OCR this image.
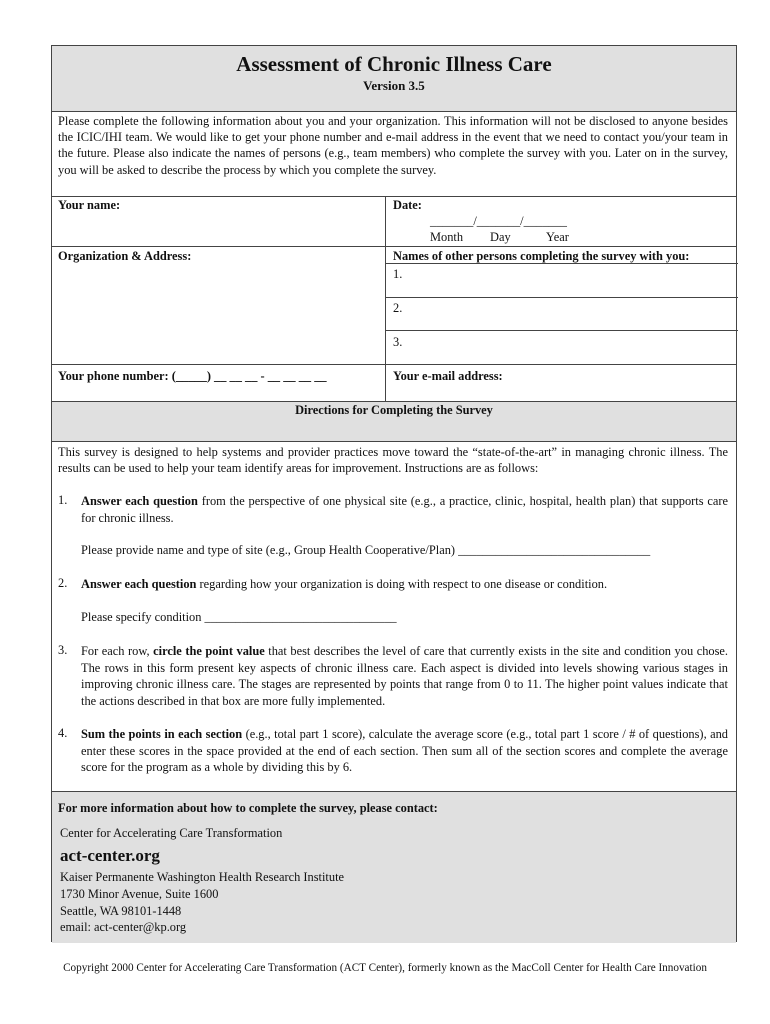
Assessment of Chronic Illness Care
Version 3.5
Please complete the following information about you and your organization. This information will not be disclosed to anyone besides the ICIC/IHI team. We would like to get your phone number and e-mail address in the event that we need to contact you/your team in the future. Please also indicate the names of persons (e.g., team members) who complete the survey with you. Later on in the survey, you will be asked to describe the process by which you complete the survey.
Your name:	Date:
_______/_______/_______
Month Day	Year
Organization & Address:	Names of other persons completing the survey with you:
1.
2.
3.
Your phone number: (_____) __ __ __ - __ __ __ __	Your e-mail address:
Directions for Completing the Survey
This survey is designed to help systems and provider practices move toward the “state-of-the-art” in managing chronic illness. The results can be used to help your team identify areas for improvement. Instructions are as follows:
1. Answer each question from the perspective of one physical site (e.g., a practice, clinic, hospital, health plan) that supports care for chronic illness.
Please provide name and type of site (e.g., Group Health Cooperative/Plan) _______________________________
2. Answer each question regarding how your organization is doing with respect to one disease or condition.
Please specify condition _______________________________
3. For each row, circle the point value that best describes the level of care that currently exists in the site and condition you chose. The rows in this form present key aspects of chronic illness care. Each aspect is divided into levels showing various stages in improving chronic illness care. The stages are represented by points that range from 0 to 11. The higher point values indicate that the actions described in that box are more fully implemented.
4. Sum the points in each section (e.g., total part 1 score), calculate the average score (e.g., total part 1 score / # of questions), and enter these scores in the space provided at the end of each section. Then sum all of the section scores and complete the average score for the program as a whole by dividing this by 6.
For more information about how to complete the survey, please contact:
Center for Accelerating Care Transformation
act-center.org
Kaiser Permanente Washington Health Research Institute
1730 Minor Avenue, Suite 1600
Seattle, WA 98101-1448
email: act-center@kp.org
Copyright 2000 Center for Accelerating Care Transformation (ACT Center), formerly known as the MacColl Center for Health Care Innovation
